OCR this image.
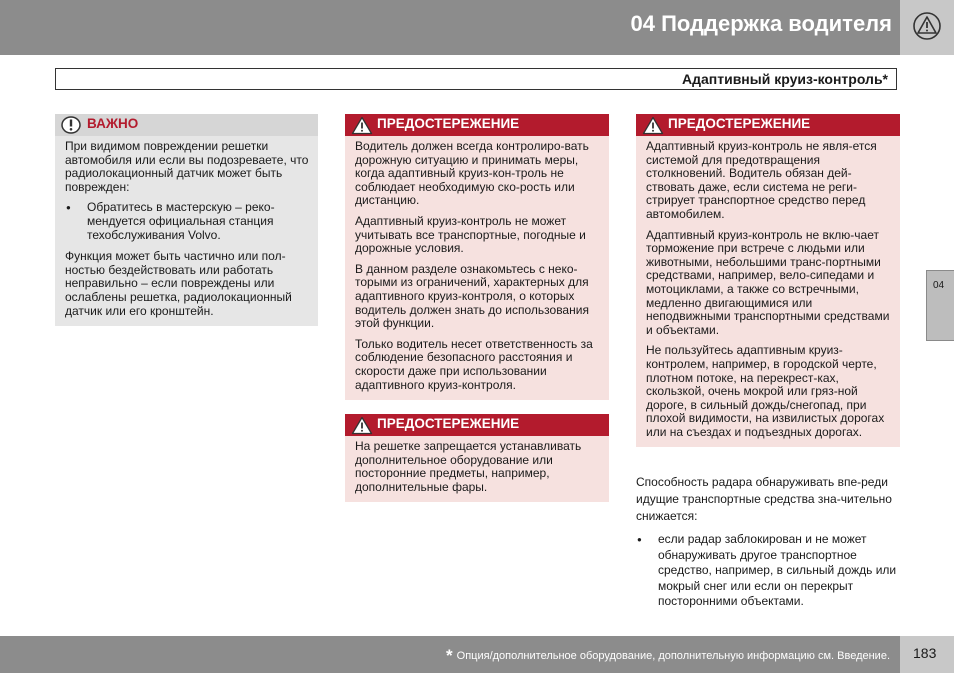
04 Поддержка водителя
Адаптивный круиз-контроль*
ВАЖНО

При видимом повреждении решетки автомобиля или если вы подозреваете, что радиолокационный датчик может быть поврежден:

● Обратитесь в мастерскую – реко-мендуется официальная станция техобслуживания Volvo.

Функция может быть частично или пол-ностью бездействовать или работать неправильно – если повреждены или ослаблены решетка, радиолокационный датчик или его кронштейн.

ПРЕДОСТЕРЕЖЕНИЕ

Водитель должен всегда контролиро-вать дорожную ситуацию и принимать меры, когда адаптивный круиз-кон-троль не соблюдает необходимую ско-рость или дистанцию.

Адаптивный круиз-контроль не может учитывать все транспортные, погодные и дорожные условия.

В данном разделе ознакомьтесь с неко-торыми из ограничений, характерных для адаптивного круиз-контроля, о которых водитель должен знать до использования этой функции.

Только водитель несет ответственность за соблюдение безопасного расстояния и скорости даже при использовании адаптивного круиз-контроля.

ПРЕДОСТЕРЕЖЕНИЕ

На решетке запрещается устанавливать дополнительное оборудование или посторонние предметы, например, дополнительные фары.

ПРЕДОСТЕРЕЖЕНИЕ

Адаптивный круиз-контроль не явля-ется системой для предотвращения столкновений. Водитель обязан дей-ствовать даже, если система не реги-стрирует транспортное средство перед автомобилем.

Адаптивный круиз-контроль не вклю-чает торможение при встрече с людьми или животными, небольшими транс-портными средствами, например, вело-сипедами и мотоциклами, а также со встречными, медленно двигающимися или неподвижными транспортными средствами и объектами.

Не пользуйтесь адаптивным круиз-контролем, например, в городской черте, плотном потоке, на перекрест-ках, скользкой, очень мокрой или гряз-ной дороге, в сильный дождь/снегопад, при плохой видимости, на извилистых дорогах или на съездах и подъездных дорогах.

Способность радара обнаруживать впе-реди идущие транспортные средства зна-чительно снижается:

● если радар заблокирован и не может обнаруживать другое транспортное средство, например, в сильный дождь или мокрый снег или если он перекрыт посторонними объектами.
04
* Опция/дополнительное оборудование, дополнительную информацию см. Введение. 183
